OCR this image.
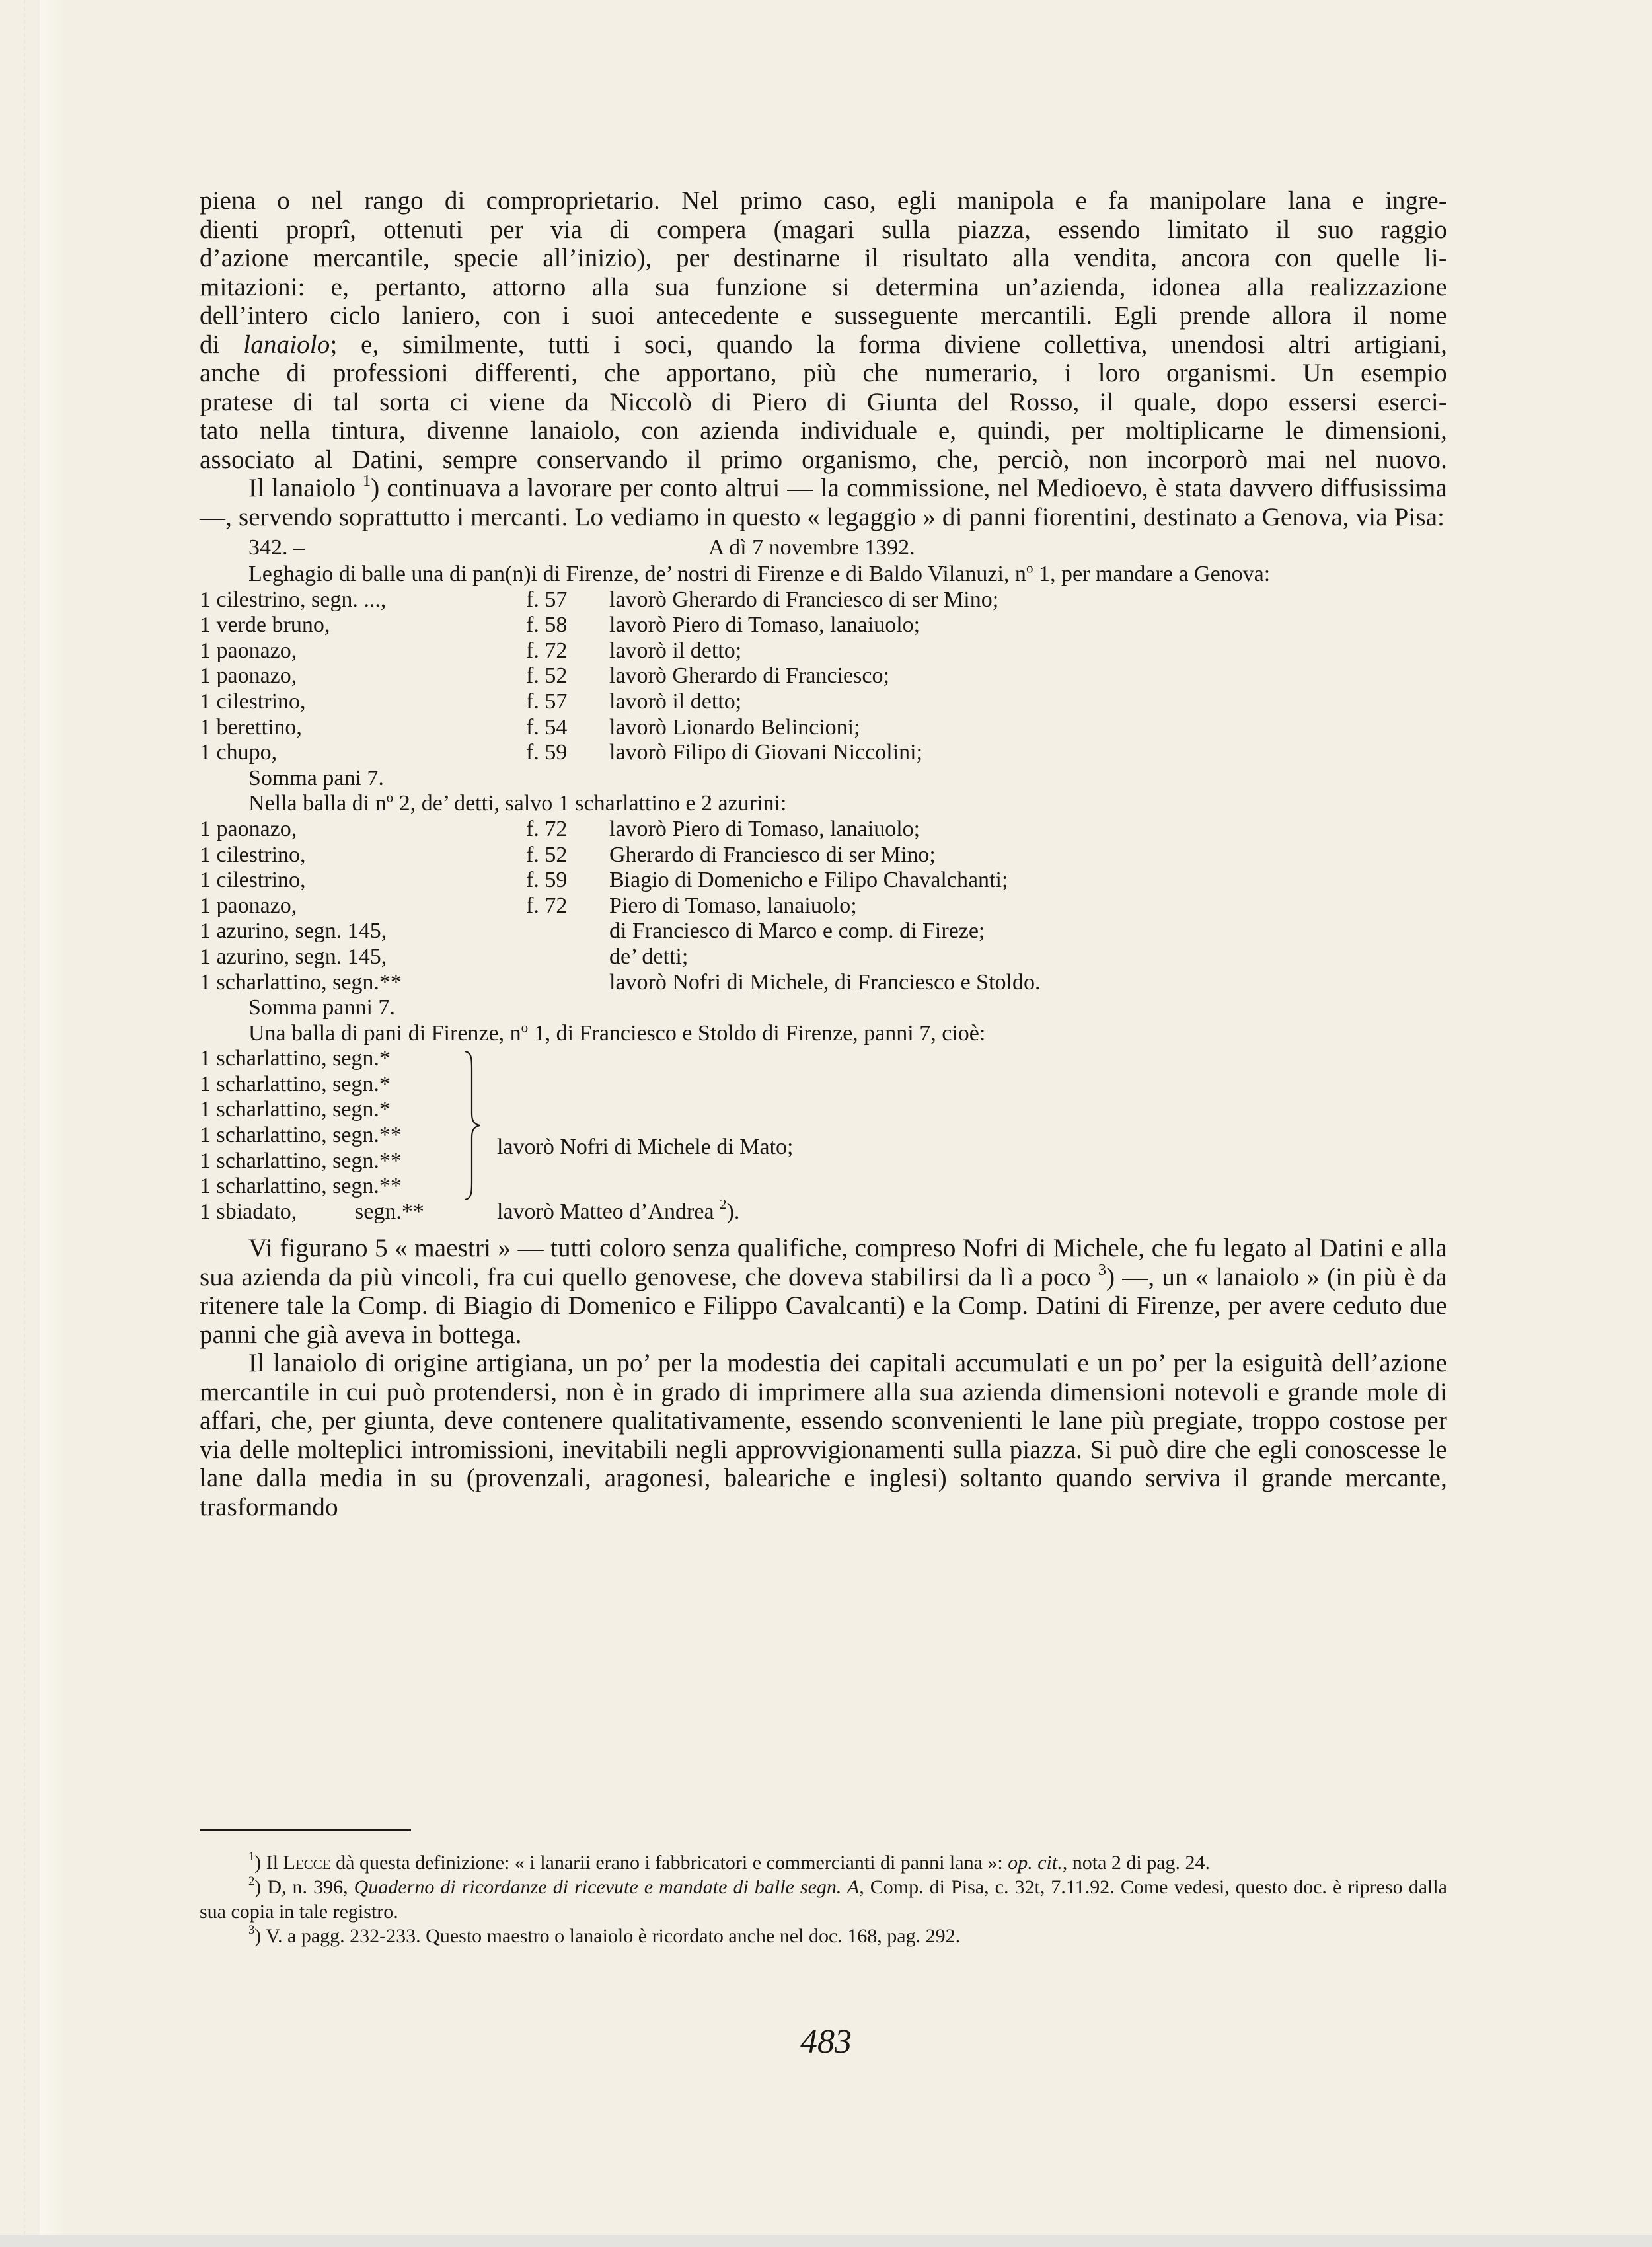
piena o nel rango di comproprietario. Nel primo caso, egli manipola e fa manipolare lana e ingre-

dienti proprî, ottenuti per via di compera (magari sulla piazza, essendo limitato il suo raggio

d’azione mercantile, specie all’inizio), per destinarne il risultato alla vendita, ancora con quelle li-

mitazioni: e, pertanto, attorno alla sua funzione si determina un’azienda, idonea alla realizzazione

dell’intero ciclo laniero, con i suoi antecedente e susseguente mercantili. Egli prende allora il nome

di lanaiolo; e, similmente, tutti i soci, quando la forma diviene collettiva, unendosi altri artigiani,

anche di professioni differenti, che apportano, più che numerario, i loro organismi. Un esempio

pratese di tal sorta ci viene da Niccolò di Piero di Giunta del Rosso, il quale, dopo essersi eserci-

tato nella tintura, divenne lanaiolo, con azienda individuale e, quindi, per moltiplicarne le dimensioni,

associato al Datini, sempre conservando il primo organismo, che, perciò, non incorporò mai nel nuovo.

Il lanaiolo $^1$) continuava a lavorare per conto altrui — la commissione, nel Medioevo, è stata davvero diffusissima —, servendo soprattutto i mercanti. Lo vediamo in questo « legaggio » di panni fiorentini, destinato a Genova, via Pisa:

342. –	A dì 7 novembre 1392.

Leghagio di balle una di pan(n)i di Firenze, de’ nostri di Firenze e di Baldo Vilanuzi, $n^o$ 1, per mandare a Genova:

1 cilestrino, segn. ...,	f. 57 lavorò Gherardo di Franciesco di ser Mino;
1 verde bruno,	f. 58 lavorò Piero di Tomaso, lanaiuolo;
1 paonazo,	f. 72 lavorò il detto;
1 paonazo,	f. 52 lavorò Gherardo di Franciesco;
1 cilestrino,	f. 57 lavorò il detto;
1 berettino,	f. 54 lavorò Lionardo Belincioni;
1 chupo,	f. 59 lavorò Filipo di Giovani Niccolini;

Somma pani 7.

Nella balla di $n^o$ 2, de’ detti, salvo 1 scharlattino e 2 azurini:

1 paonazo,	f. 72 lavorò Piero di Tomaso, lanaiuolo;
1 cilestrino,	f. 52 Gherardo di Franciesco di ser Mino;
1 cilestrino,	f. 59 Biagio di Domenicho e Filipo Chavalchanti;
1 paonazo,	f. 72 Piero di Tomaso, lanaiuolo;
1 azurino, segn. 145,	di Franciesco di Marco e comp. di Fireze;
1 azurino, segn. 145,	de’ detti;
1 scharlattino, segn.**	lavorò Nofri di Michele, di Franciesco e Stoldo.

Somma panni 7.

Una balla di pani di Firenze, $n^o$ 1, di Franciesco e Stoldo di Firenze, panni 7, cioè:

1 scharlattino, segn.*
1 scharlattino, segn.*
1 scharlattino, segn.*
1 scharlattino, segn.**
1 scharlattino, segn.**
1 scharlattino, segn.**
lavorò Nofri di Michele di Mato;
1 sbiadato,	segn.**	lavorò Matteo d’Andrea $^2$).

Vi figurano 5 « maestri » — tutti coloro senza qualifiche, compreso Nofri di Michele, che fu legato al Datini e alla sua azienda da più vincoli, fra cui quello genovese, che doveva stabilirsi da lì a poco $^3$) —, un « lanaiolo » (in più è da ritenere tale la Comp. di Biagio di Domenico e Filippo Cavalcanti) e la Comp. Datini di Firenze, per avere ceduto due panni che già aveva in bottega.

Il lanaiolo di origine artigiana, un po’ per la modestia dei capitali accumulati e un po’ per la esiguità dell’azione mercantile in cui può protendersi, non è in grado di imprimere alla sua azienda dimensioni notevoli e grande mole di affari, che, per giunta, deve contenere qualitativamente, essendo sconvenienti le lane più pregiate, troppo costose per via delle molteplici intromissioni, inevitabili negli approvvigionamenti sulla piazza. Si può dire che egli conoscesse le lane dalla media in su (provenzali, aragonesi, baleariche e inglesi) soltanto quando serviva il grande mercante, trasformando

$^1$) Il Lecce dà questa definizione: « i lanarii erano i fabbricatori e commercianti di panni lana »: op. cit., nota 2 di pag. 24.

$^2$) D, n. 396, Quaderno di ricordanze di ricevute e mandate di balle segn. A, Comp. di Pisa, c. 32t, 7.11.92. Come vedesi, questo doc. è ripreso dalla sua copia in tale registro.

$^3$) V. a pagg. 232-233. Questo maestro o lanaiolo è ricordato anche nel doc. 168, pag. 292.

483
